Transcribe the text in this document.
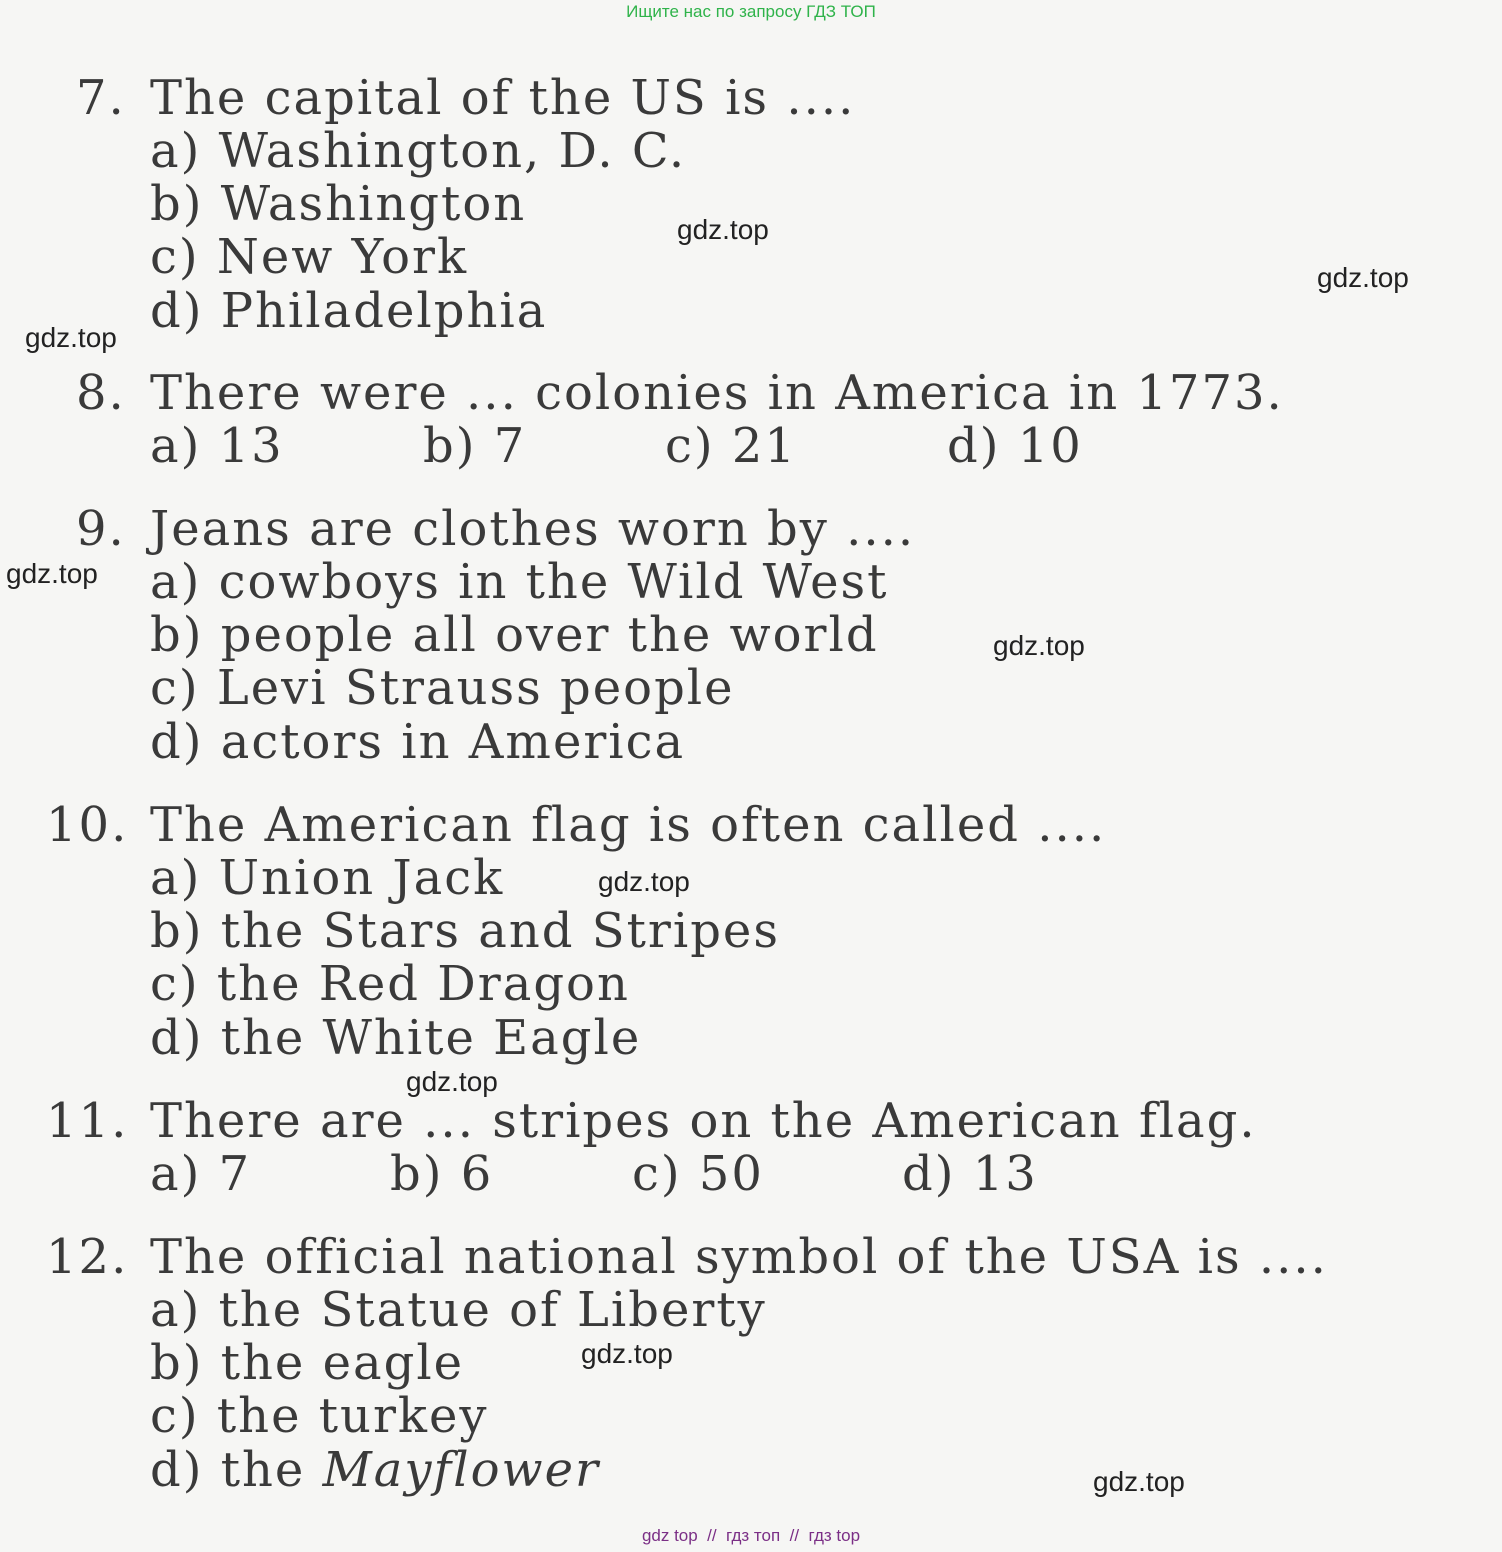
Ищите нас по запросу ГДЗ ТОП
7. The capital of the US is ....
a) Washington, D. C.
b) Washington
c) New York
d) Philadelphia
8. There were ... colonies in America in 1773.
a) 13	b) 7	c) 21	d) 10
9. Jeans are clothes worn by ....
a) cowboys in the Wild West
b) people all over the world
c) Levi Strauss people
d) actors in America
10. The American flag is often called ....
a) Union Jack
b) the Stars and Stripes
c) the Red Dragon
d) the White Eagle
11. There are ... stripes on the American flag.
a) 7	b) 6	c) 50	d) 13
12. The official national symbol of the USA is ....
a) the Statue of Liberty
b) the eagle
c) the turkey
d) the Mayflower
gdz.top
gdz.top
gdz.top
gdz.top
gdz.top
gdz.top
gdz.top
gdz.top
gdz.top
gdz top  //  гдз топ  //  гдз top
